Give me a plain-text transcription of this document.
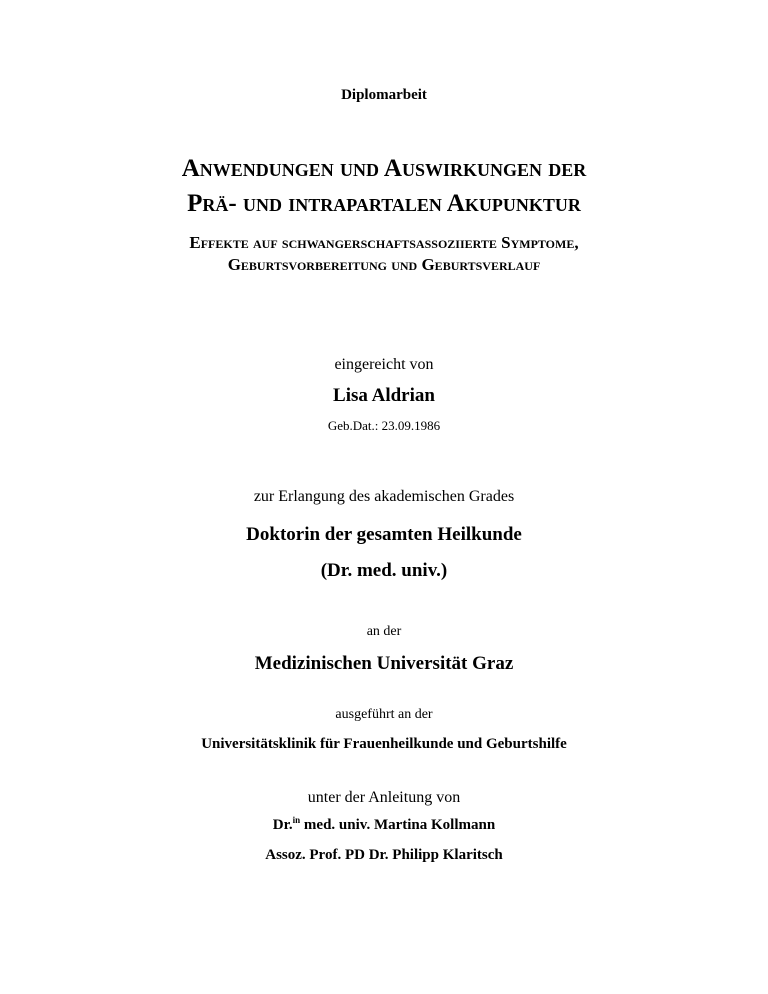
Diplomarbeit
Anwendungen und Auswirkungen der
Prä- und intrapartalen Akupunktur
Effekte auf schwangerschaftsassoziierte Symptome,
Geburtsvorbereitung und Geburtsverlauf
eingereicht von
Lisa Aldrian
Geb.Dat.: 23.09.1986
zur Erlangung des akademischen Grades
Doktorin der gesamten Heilkunde
(Dr. med. univ.)
an der
Medizinischen Universität Graz
ausgeführt an der
Universitätsklinik für Frauenheilkunde und Geburtshilfe
unter der Anleitung von
Dr.$^{in}$ med. univ. Martina Kollmann
Assoz. Prof. PD Dr. Philipp Klaritsch
